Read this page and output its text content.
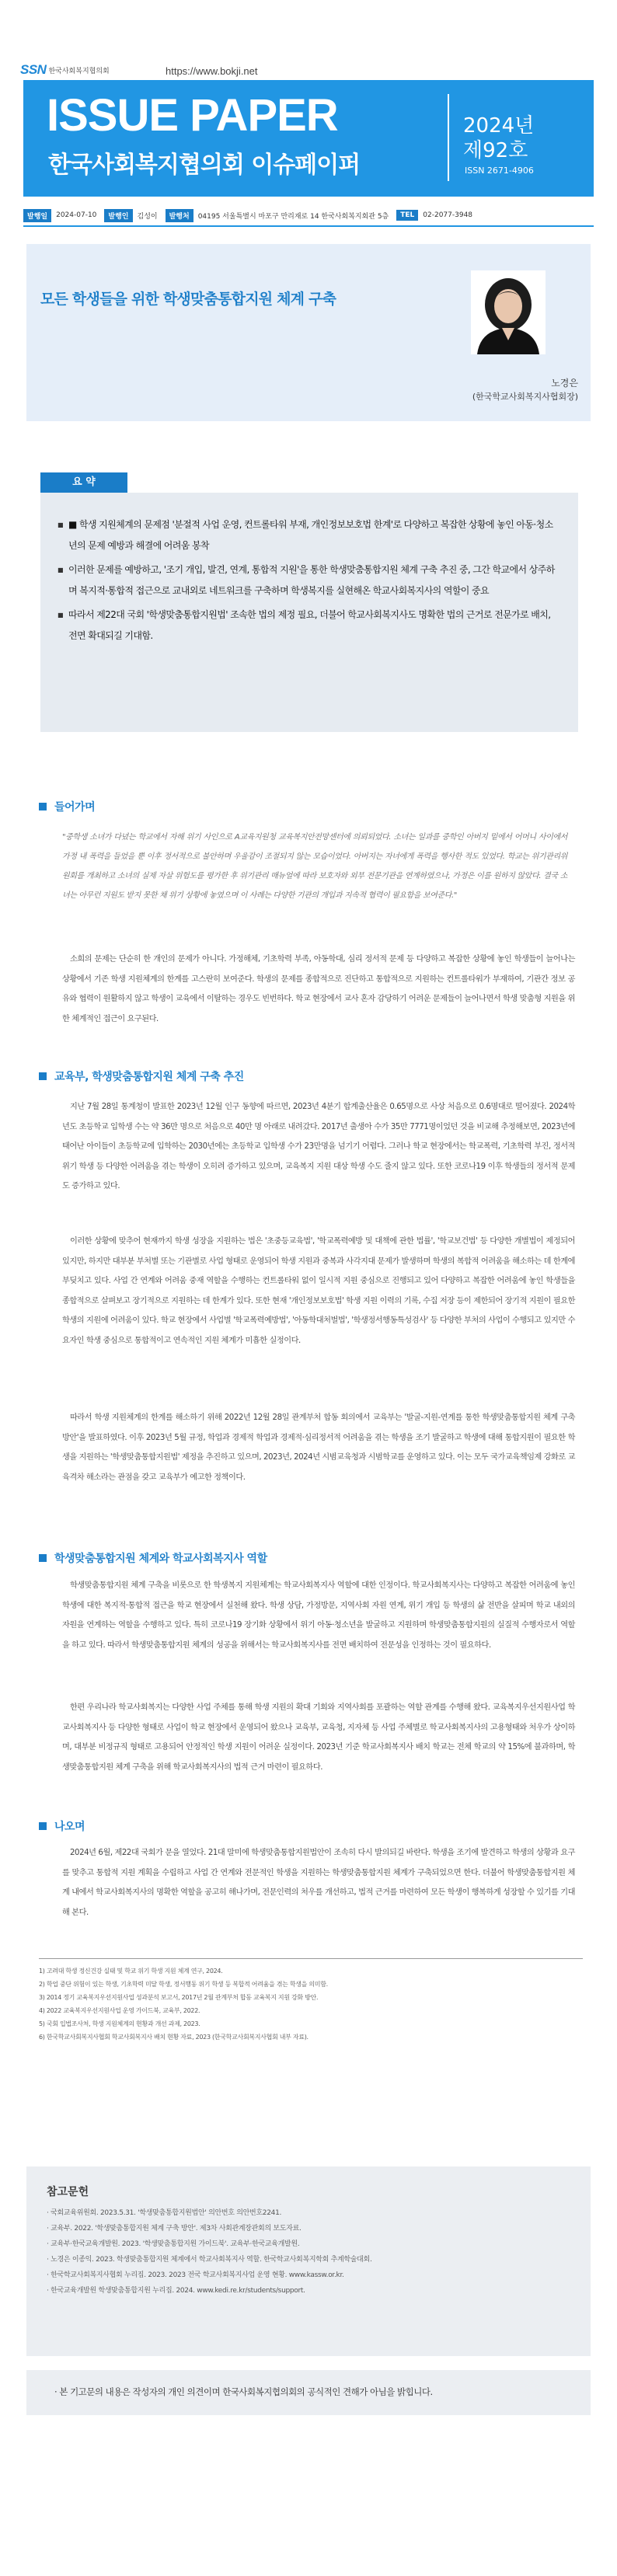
SSN 한국사회복지협의회	https://www.bokji.net
ISSUE PAPER
한국사회복지협의회 이슈페이퍼
2024년
제92호
ISSN 2671-4906
발행일	2024-07-10	발행인	김성이	발행처	04195 서울특별시 마포구 만리재로 14 한국사회복지회관 5층	TEL	02-2077-3948
모든 학생들을 위한 학생맞춤통합지원 체계 구축
노경은
(한국학교사회복지사협회장)
요 약
■ ■ 학생 지원체계의 문제점 '분절적 사업 운영, 컨트롤타워 부재, 개인정보보호법 한계'로 다양하고 복잡한 상황에 놓인 아동·청소년의 문제 예방과 해결에 어려움 봉착
■ 이러한 문제를 예방하고, '조기 개입, 발견, 연계, 통합적 지원'을 통한 학생맞춤통합지원 체계 구축 추진 중, 그간 학교에서 상주하며 복지적·통합적 접근으로 교내외로 네트워크를 구축하며 학생복지를 실현해온 학교사회복지사의 역할이 중요
■ 따라서 제22대 국회 '학생맞춤통합지원법' 조속한 법의 제정 필요, 더불어 학교사회복지사도 명확한 법의 근거로 전문가로 배치, 전면 확대되길 기대함.
들어가며
"중학생 소녀가 다녔는 학교에서 자해 위기 사인으로 A교육지원청 교육복지안전망센터에 의뢰되었다. 소녀는 일과를 중학인 아버지 밑에서 어머니 사이에서 가정 내 폭력을 들었을 뿐 이후 정서적으로 불안하며 우울감이 조절되지 않는 모습이었다. 아버지는 자녀에게 폭력을 행사한 적도 있었다. 학교는 위기관리위원회를 개최하고 소녀의 실제 자살 위험도를 평가한 후 위기관리 매뉴얼에 따라 보호자와 외부 전문기관을 연계하였으나, 가정은 이를 원하지 않았다. 결국 소녀는 아무런 지원도 받지 못한 채 위기 상황에 놓였으며 이 사례는 다양한 기관의 개입과 지속적 협력이 필요함을 보여준다."
소희의 문제는 단순히 한 개인의 문제가 아니다. 가정해체, 기초학력 부족, 아동학대, 심리 정서적 문제 등 다양하고 복잡한 상황에 놓인 학생들이 늘어나는 상황에서 기존 학생 지원체계의 한계를 고스란히 보여준다. 학생의 문제를 종합적으로 진단하고 통합적으로 지원하는 컨트롤타워가 부재하여, 기관간 정보 공유와 협력이 원활하지 않고 학생이 교육에서 이탈하는 경우도 빈번하다. 학교 현장에서 교사 혼자 감당하기 어려운 문제들이 늘어나면서 학생 맞춤형 지원을 위한 체계적인 접근이 요구된다.
교육부, 학생맞춤통합지원 체계 구축 추진
지난 7월 28일 통계청이 발표한 2023년 12월 인구 동향에 따르면, 2023년 4분기 합계출산율은 0.65명으로 사상 처음으로 0.6명대로 떨어졌다. 2024학년도 초등학교 입학생 수는 약 36만 명으로 처음으로 40만 명 아래로 내려갔다. 2017년 출생아 수가 35만 7771명이었던 것을 비교해 추정해보면, 2023년에 태어난 아이들이 초등학교에 입학하는 2030년에는 초등학교 입학생 수가 23만명을 넘기기 어렵다. 그러나 학교 현장에서는 학교폭력, 기초학력 부진, 정서적 위기 학생 등 다양한 어려움을 겪는 학생이 오히려 증가하고 있으며, 교육복지 지원 대상 학생 수도 줄지 않고 있다. 또한 코로나19 이후 학생들의 정서적 문제도 증가하고 있다.
이러한 상황에 맞추어 현재까지 학생 성장을 지원하는 법은 '초중등교육법', '학교폭력예방 및 대책에 관한 법률', '학교보건법' 등 다양한 개별법이 제정되어 있지만, 하지만 대부분 부처별 또는 기관별로 사업 형태로 운영되어 학생 지원과 중복과 사각지대 문제가 발생하며 학생의 복합적 어려움을 해소하는 데 한계에 부딪치고 있다. 사업 간 연계와 어려움 중재 역할을 수행하는 컨트롤타워 없이 일시적 지원 중심으로 진행되고 있어 다양하고 복잡한 어려움에 놓인 학생들을 종합적으로 살펴보고 장기적으로 지원하는 데 한계가 있다. 또한 현재 '개인정보보호법' 학생 지원 이력의 기록, 수집 저장 등이 제한되어 장기적 지원이 필요한 학생의 지원에 어려움이 있다. 학교 현장에서 사업별 '학교폭력예방법', '아동학대처벌법', '학생정서행동특성검사' 등 다양한 부처의 사업이 수행되고 있지만 수요자인 학생 중심으로 통합적이고 연속적인 지원 체계가 미흡한 실정이다.
따라서 학생 지원체계의 한계를 해소하기 위해 2022년 12월 28일 관계부처 합동 회의에서 교육부는 '발굴-지원-연계를 통한 학생맞춤통합지원 체계 구축 방안'을 발표하였다. 이후 2023년 5월 규정, 학업과 경제적 학업과 경제적·심리정서적 어려움을 겪는 학생을 조기 발굴하고 학생에 대해 통합지원이 필요한 학생을 지원하는 '학생맞춤통합지원법' 제정을 추진하고 있으며, 2023년, 2024년 시범교육청과 시범학교를 운영하고 있다. 이는 모두 국가교육책임제 강화로 교육격차 해소라는 관점을 갖고 교육부가 예고한 정책이다.
학생맞춤통합지원 체계와 학교사회복지사 역할
학생맞춤통합지원 체계 구축을 비롯으로 한 학생복지 지원체계는 학교사회복지사 역할에 대한 인정이다. 학교사회복지사는 다양하고 복잡한 어려움에 놓인 학생에 대한 복지적·통합적 접근을 학교 현장에서 실천해 왔다. 학생 상담, 가정방문, 지역사회 자원 연계, 위기 개입 등 학생의 삶 전반을 살피며 학교 내외의 자원을 연계하는 역할을 수행하고 있다. 특히 코로나19 장기화 상황에서 위기 아동·청소년을 발굴하고 지원하며 학생맞춤통합지원의 실질적 수행자로서 역할을 하고 있다. 따라서 학생맞춤통합지원 체계의 성공을 위해서는 학교사회복지사를 전면 배치하여 전문성을 인정하는 것이 필요하다.
한편 우리나라 학교사회복지는 다양한 사업 주체를 통해 학생 지원의 확대 기회와 지역사회를 포괄하는 역할 관계를 수행해 왔다. 교육복지우선지원사업 학교사회복지사 등 다양한 형태로 사업이 학교 현장에서 운영되어 왔으나 교육부, 교육청, 지자체 등 사업 주체별로 학교사회복지사의 고용형태와 처우가 상이하며, 대부분 비정규직 형태로 고용되어 안정적인 학생 지원이 어려운 실정이다. 2023년 기준 학교사회복지사 배치 학교는 전체 학교의 약 15%에 불과하며, 학생맞춤통합지원 체계 구축을 위해 학교사회복지사의 법적 근거 마련이 필요하다.
나오며
2024년 6월, 제22대 국회가 문을 열었다. 21대 말미에 학생맞춤통합지원법안이 조속히 다시 발의되길 바란다. 학생을 조기에 발견하고 학생의 상황과 요구를 맞추고 통합적 지원 계획을 수립하고 사업 간 연계와 전문적인 학생을 지원하는 학생맞춤통합지원 체계가 구축되었으면 한다. 더불어 학생맞춤통합지원 체계 내에서 학교사회복지사의 명확한 역할을 공고히 해나가며, 전문인력의 처우를 개선하고, 법적 근거를 마련하여 모든 학생이 행복하게 성장할 수 있기를 기대해 본다.
1) 고려대 학생 정신건강 실태 및 학교 위기 학생 지원 체계 연구, 2024.
2) 학업 중단 위험이 있는 학생, 기초학력 미달 학생, 정서행동 위기 학생 등 복합적 어려움을 겪는 학생을 의미함.
3) 2014 정기 교육복지우선지원사업 성과분석 보고서, 2017년 2월 관계부처 합동 교육복지 지원 강화 방안.
4) 2022 교육복지우선지원사업 운영 가이드북, 교육부, 2022.
5) 국회 입법조사처, 학생 지원체계의 현황과 개선 과제, 2023.
6) 한국학교사회복지사협회 학교사회복지사 배치 현황 자료, 2023 (한국학교사회복지사협회 내부 자료).
참고문헌
· 국회교육위원회. 2023.5.31. '학생맞춤통합지원법안' 의안번호 의안번호2241.
· 교육부. 2022. '학생맞춤통합지원 체계 구축 방안'. 제3차 사회관계장관회의 보도자료.
· 교육부·한국교육개발원. 2023. '학생맞춤통합지원 가이드북'. 교육부·한국교육개발원.
· 노경은 이종익. 2023. 학생맞춤통합지원 체계에서 학교사회복지사 역할. 한국학교사회복지학회 추계학술대회.
· 한국학교사회복지사협회 누리집. 2023. 2023 전국 학교사회복지사업 운영 현황. www.kassw.or.kr.
· 한국교육개발원 학생맞춤통합지원 누리집. 2024. www.kedi.re.kr/students/support.
· 본 기고문의 내용은 작성자의 개인 의견이며 한국사회복지협의회의 공식적인 견해가 아님을 밝힙니다.
